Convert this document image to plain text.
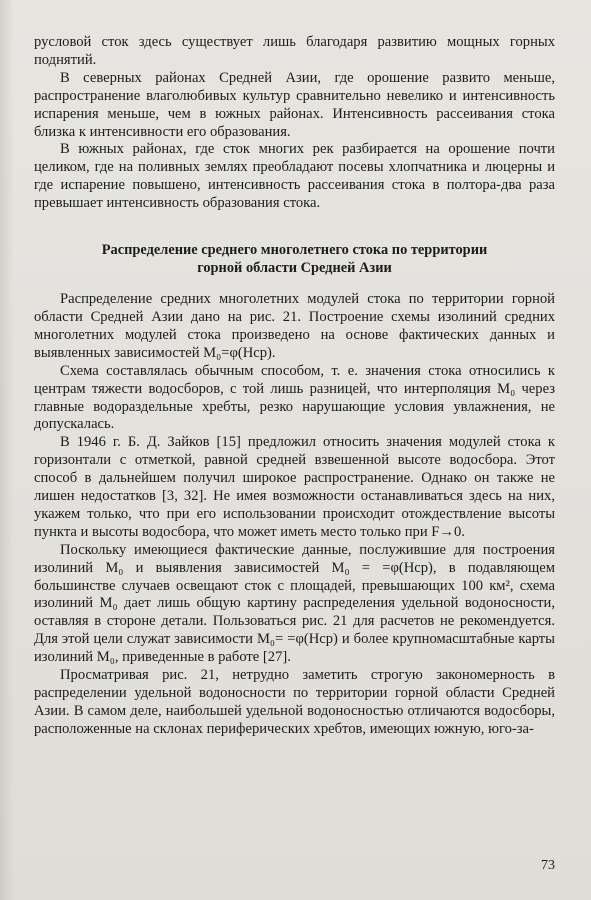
русловой сток здесь существует лишь благодаря развитию мощных горных поднятий.

В северных районах Средней Азии, где орошение развито меньше, распространение влаголюбивых культур сравнительно невелико и интенсивность испарения меньше, чем в южных районах. Интенсивность рассеивания стока близка к интенсивности его образования.

В южных районах, где сток многих рек разбирается на орошение почти целиком, где на поливных землях преобладают посевы хлопчатника и люцерны и где испарение повышено, интенсивность рассеивания стока в полтора-два раза превышает интенсивность образования стока.

Распределение среднего многолетнего стока по территории
горной области Средней Азии

Распределение средних многолетних модулей стока по территории горной области Средней Азии дано на рис. 21. Построение схемы изолиний средних многолетних модулей стока произведено на основе фактических данных и выявленных зависимостей M₀=φ(Hср).

Схема составлялась обычным способом, т. е. значения стока относились к центрам тяжести водосборов, с той лишь разницей, что интерполяция M₀ через главные водораздельные хребты, резко нарушающие условия увлажнения, не допускалась.

В 1946 г. Б. Д. Зайков [15] предложил относить значения модулей стока к горизонтали с отметкой, равной средней взвешенной высоте водосбора. Этот способ в дальнейшем получил широкое распространение. Однако он также не лишен недостатков [3, 32]. Не имея возможности останавливаться здесь на них, укажем только, что при его использовании происходит отождествление высоты пункта и высоты водосбора, что может иметь место только при F→0.

Поскольку имеющиеся фактические данные, послужившие для построения изолиний M₀ и выявления зависимостей M₀ = =φ(Hср), в подавляющем большинстве случаев освещают сток с площадей, превышающих 100 км², схема изолиний M₀ дает лишь общую картину распределения удельной водоносности, оставляя в стороне детали. Пользоваться рис. 21 для расчетов не рекомендуется. Для этой цели служат зависимости M₀= =φ(Hср) и более крупномасштабные карты изолиний M₀, приведенные в работе [27].

Просматривая рис. 21, нетрудно заметить строгую закономерность в распределении удельной водоносности по территории горной области Средней Азии. В самом деле, наибольшей удельной водоносностью отличаются водосборы, расположенные на склонах периферических хребтов, имеющих южную, юго-за-

73
